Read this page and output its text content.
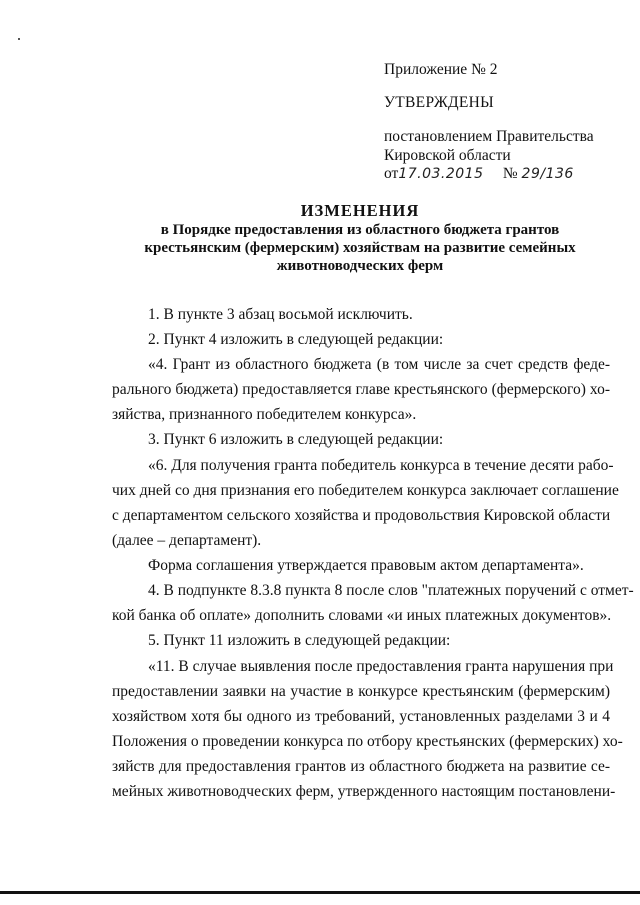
Приложение № 2
УТВЕРЖДЕНЫ
постановлением Правительства
Кировской области
от17.03.2015 № 29/136
ИЗМЕНЕНИЯ
в Порядке предоставления из областного бюджета грантов
крестьянским (фермерским) хозяйствам на развитие семейных
животноводческих ферм
1. В пункте 3 абзац восьмой исключить.
2. Пункт 4 изложить в следующей редакции:
«4. Грант из областного бюджета (в том числе за счет средств феде-
рального бюджета) предоставляется главе крестьянского (фермерского) хо-
зяйства, признанного победителем конкурса».
3. Пункт 6 изложить в следующей редакции:
«6. Для получения гранта победитель конкурса в течение десяти рабо-
чих дней со дня признания его победителем конкурса заключает соглашение
с департаментом сельского хозяйства и продовольствия Кировской области
(далее – департамент).
Форма соглашения утверждается правовым актом департамента».
4. В подпункте 8.3.8 пункта 8 после слов "платежных поручений с отмет-
кой банка об оплате» дополнить словами «и иных платежных документов».
5. Пункт 11 изложить в следующей редакции:
«11. В случае выявления после предоставления гранта нарушения при
предоставлении заявки на участие в конкурсе крестьянским (фермерским)
хозяйством хотя бы одного из требований, установленных разделами 3 и 4
Положения о проведении конкурса по отбору крестьянских (фермерских) хо-
зяйств для предоставления грантов из областного бюджета на развитие се-
мейных животноводческих ферм, утвержденного настоящим постановлени-
